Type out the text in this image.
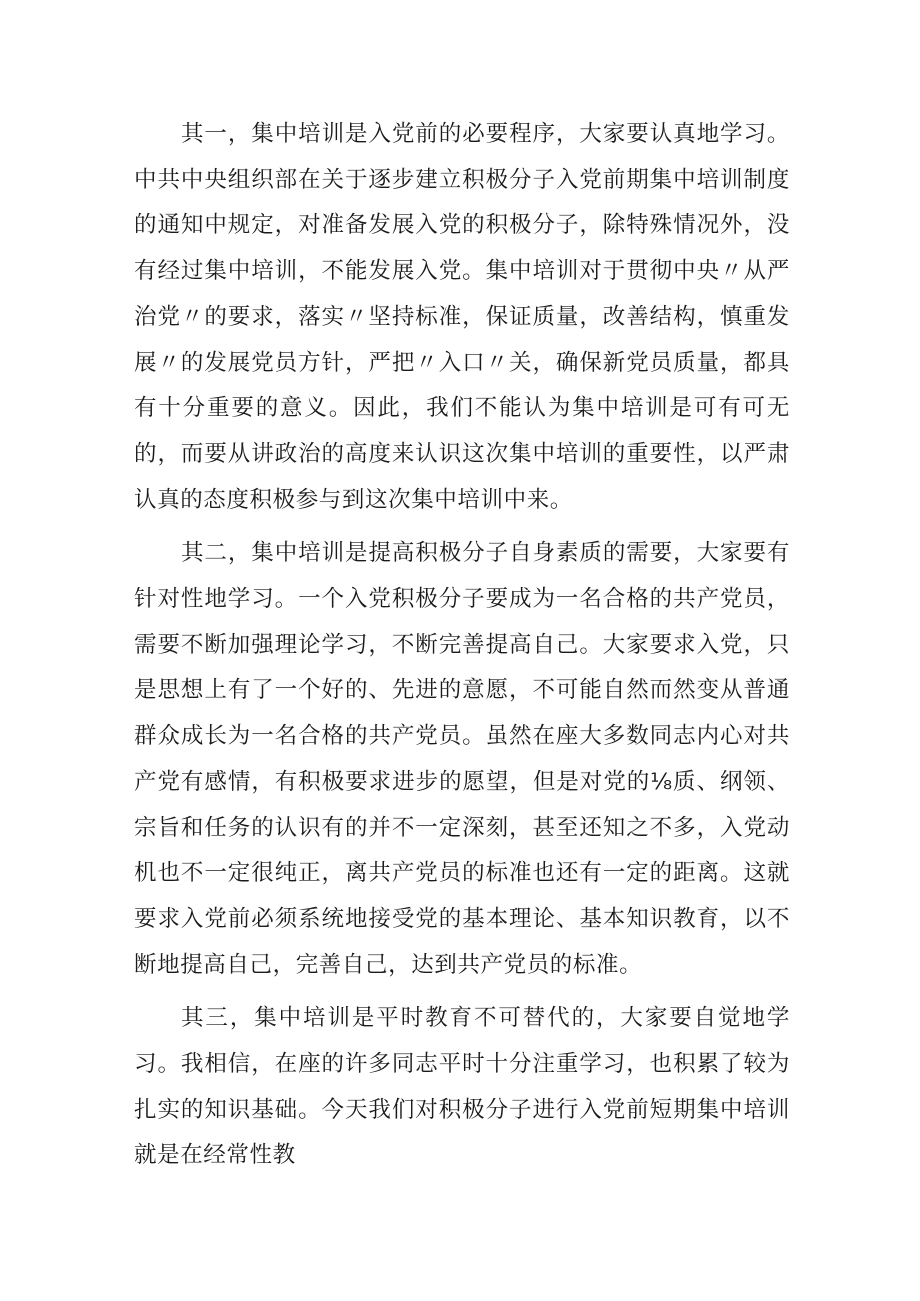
其一，集中培训是入党前的必要程序，大家要认真地学习。中共中央组织部在关于逐步建立积极分子入党前期集中培训制度的通知中规定，对准备发展入党的积极分子，除特殊情况外，没有经过集中培训，不能发展入党。集中培训对于贯彻中央〃从严治党〃的要求，落实〃坚持标准，保证质量，改善结构，慎重发展〃的发展党员方针，严把〃入口〃关，确保新党员质量，都具有十分重要的意义。因此，我们不能认为集中培训是可有可无的，而要从讲政治的高度来认识这次集中培训的重要性，以严肃认真的态度积极参与到这次集中培训中来。

其二，集中培训是提高积极分子自身素质的需要，大家要有针对性地学习。一个入党积极分子要成为一名合格的共产党员，需要不断加强理论学习，不断完善提高自己。大家要求入党，只是思想上有了一个好的、先进的意愿，不可能自然而然变从普通群众成长为一名合格的共产党员。虽然在座大多数同志内心对共产党有感情，有积极要求进步的愿望，但是对党的⅛质、纲领、宗旨和任务的认识有的并不一定深刻，甚至还知之不多，入党动机也不一定很纯正，离共产党员的标准也还有一定的距离。这就要求入党前必须系统地接受党的基本理论、基本知识教育，以不断地提高自己，完善自己，达到共产党员的标准。

其三，集中培训是平时教育不可替代的，大家要自觉地学习。我相信，在座的许多同志平时十分注重学习，也积累了较为扎实的知识基础。今天我们对积极分子进行入党前短期集中培训就是在经常性教
